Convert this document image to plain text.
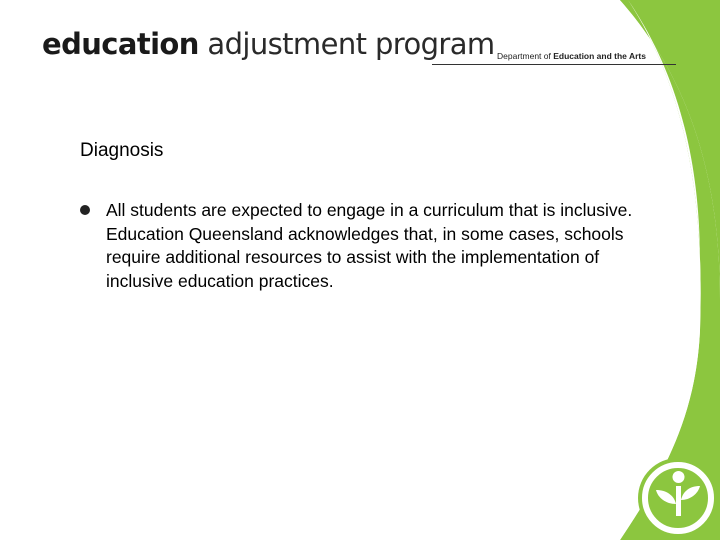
education adjustment program Department of Education and the Arts
Diagnosis
All students are expected to engage in a curriculum that is inclusive. Education Queensland acknowledges that, in some cases, schools require additional resources to assist with the implementation of inclusive education practices.
